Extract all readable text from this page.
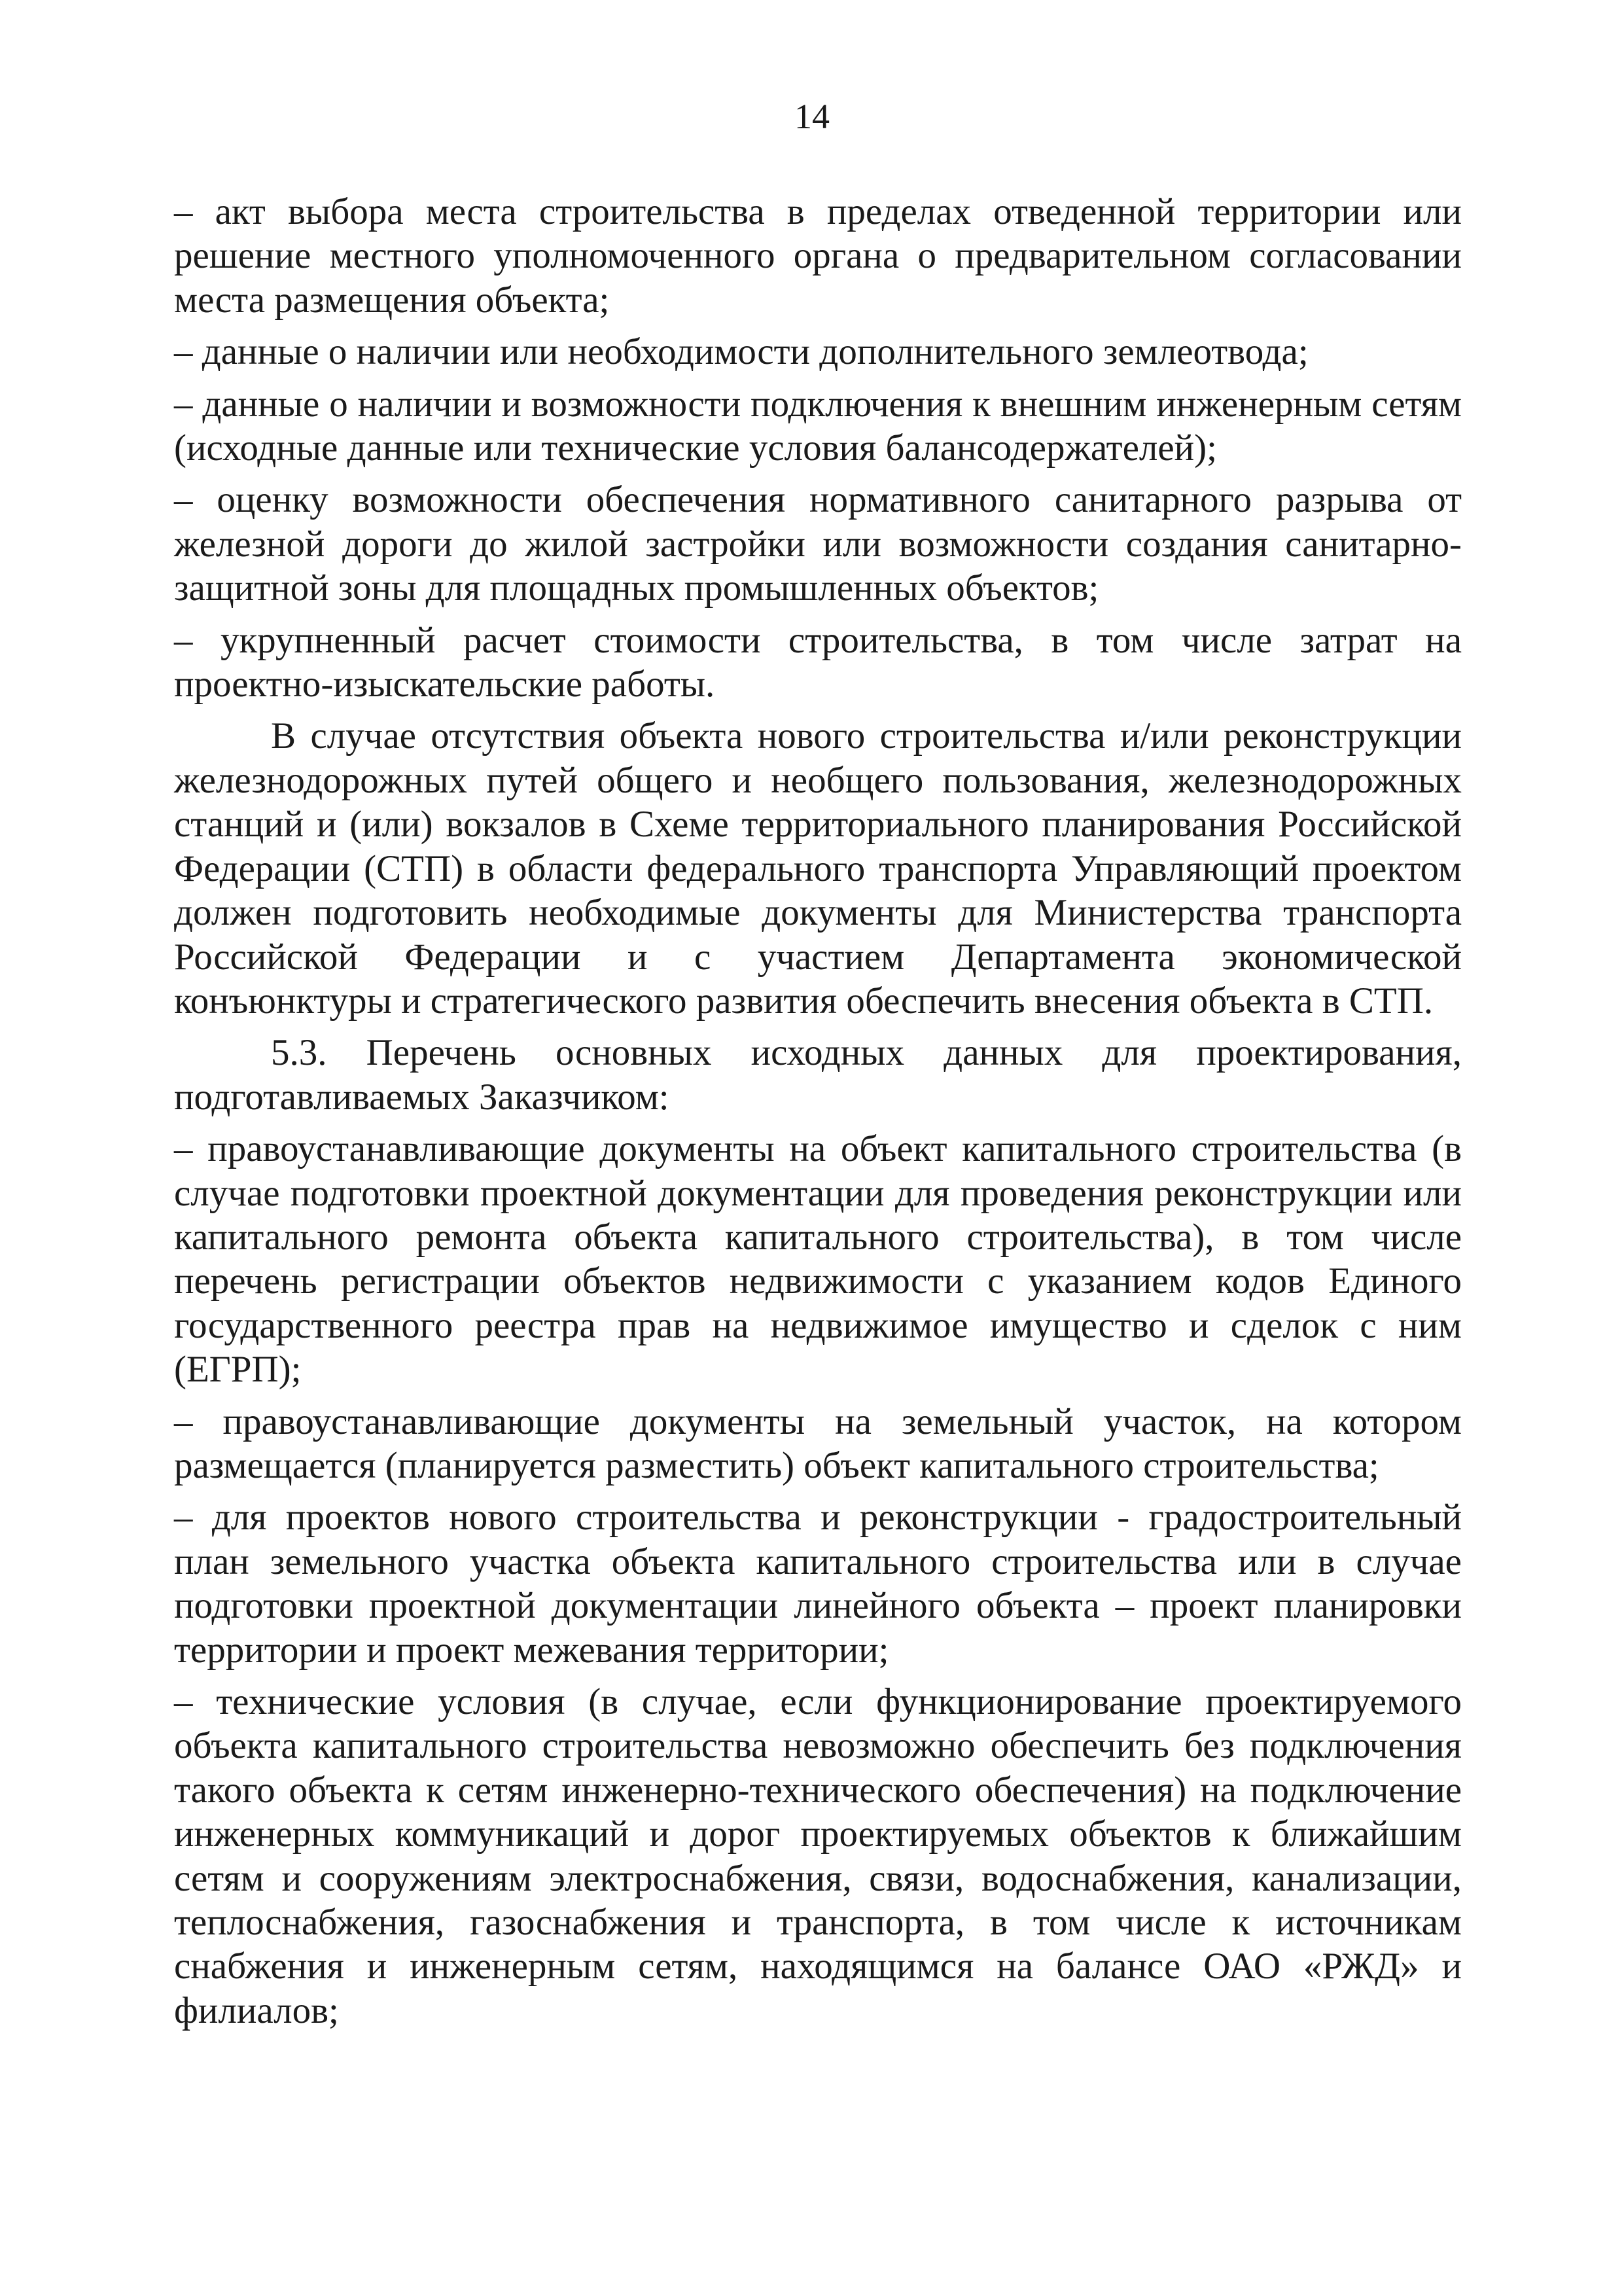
14

– акт выбора места строительства в пределах отведенной территории или решение местного уполномоченного органа о предварительном согласовании места размещения объекта;

– данные о наличии или необходимости дополнительного землеотвода;

– данные о наличии и возможности подключения к внешним инженерным сетям (исходные данные или технические условия балансодержателей);

– оценку возможности обеспечения нормативного санитарного разрыва от железной дороги до жилой застройки или возможности создания санитарно-защитной зоны для площадных промышленных объектов;

– укрупненный расчет стоимости строительства, в том числе затрат на проектно-изыскательские работы.

В случае отсутствия объекта нового строительства и/или реконструкции железнодорожных путей общего и необщего пользования, железнодорожных станций и (или) вокзалов в Схеме территориального планирования Российской Федерации (СТП) в области федерального транспорта Управляющий проектом должен подготовить необходимые документы для Министерства транспорта Российской Федерации и с участием Департамента экономической конъюнктуры и стратегического развития обеспечить внесения объекта в СТП.

5.3. Перечень основных исходных данных для проектирования, подготавливаемых Заказчиком:

– правоустанавливающие документы на объект капитального строительства (в случае подготовки проектной документации для проведения реконструкции или капитального ремонта объекта капитального строительства), в том числе перечень регистрации объектов недвижимости с указанием кодов Единого государственного реестра прав на недвижимое имущество и сделок с ним (ЕГРП);

– правоустанавливающие документы на земельный участок, на котором размещается (планируется разместить) объект капитального строительства;

– для проектов нового строительства и реконструкции - градостроительный план земельного участка объекта капитального строительства или в случае подготовки проектной документации линейного объекта – проект планировки территории и проект межевания территории;

– технические условия (в случае, если функционирование проектируемого объекта капитального строительства невозможно обеспечить без подключения такого объекта к сетям инженерно-технического обеспечения) на подключение инженерных коммуникаций и дорог проектируемых объектов к ближайшим сетям и сооружениям электроснабжения, связи, водоснабжения, канализации, теплоснабжения, газоснабжения и транспорта, в том числе к источникам снабжения и инженерным сетям, находящимся на балансе ОАО «РЖД» и филиалов;
